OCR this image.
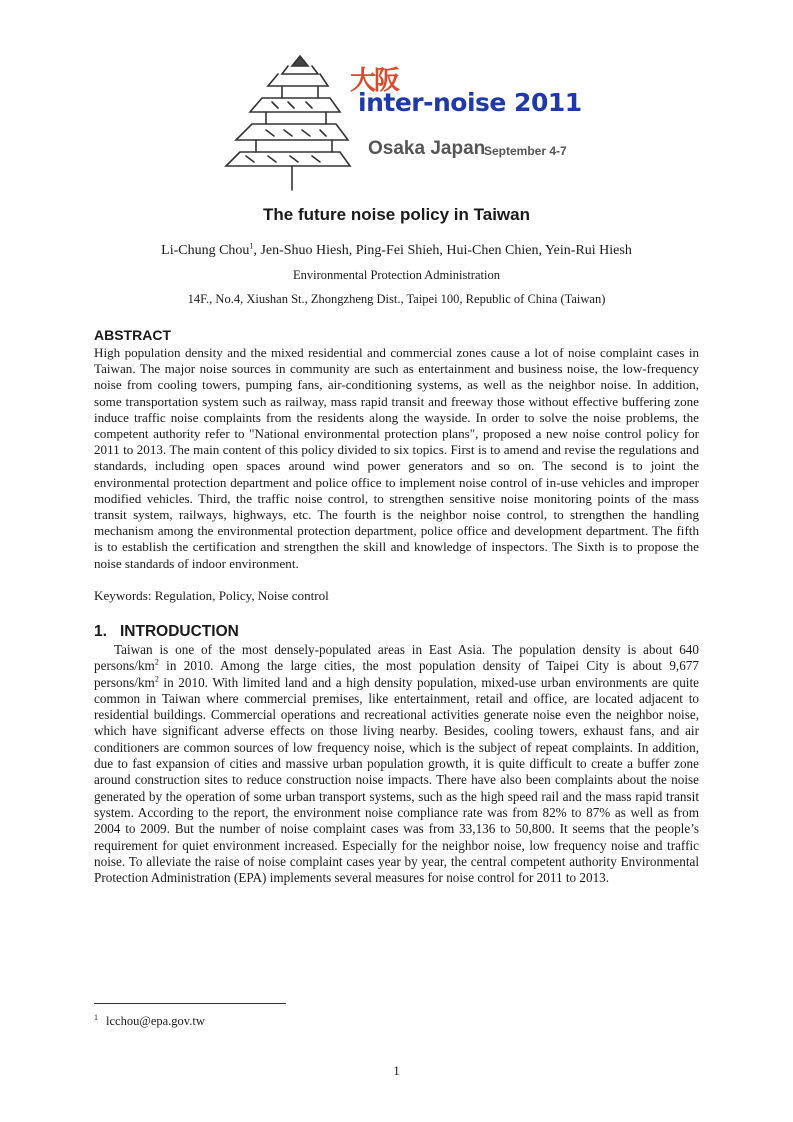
大阪
inter-noise 2011
Osaka Japan
September 4-7
The future noise policy in Taiwan
Li-Chung Chou$^1$, Jen-Shuo Hiesh, Ping-Fei Shieh, Hui-Chen Chien, Yein-Rui Hiesh
Environmental Protection Administration
14F., No.4, Xiushan St., Zhongzheng Dist., Taipei 100, Republic of China (Taiwan)
ABSTRACT

High population density and the mixed residential and commercial zones cause a lot of noise complaint cases in Taiwan. The major noise sources in community are such as entertainment and business noise, the low-frequency noise from cooling towers, pumping fans, air-conditioning systems, as well as the neighbor noise. In addition, some transportation system such as railway, mass rapid transit and freeway those without effective buffering zone induce traffic noise complaints from the residents along the wayside. In order to solve the noise problems, the competent authority refer to "National environmental protection plans", proposed a new noise control policy for 2011 to 2013. The main content of this policy divided to six topics. First is to amend and revise the regulations and standards, including open spaces around wind power generators and so on. The second is to joint the environmental protection department and police office to implement noise control of in-use vehicles and improper modified vehicles. Third, the traffic noise control, to strengthen sensitive noise monitoring points of the mass transit system, railways, highways, etc. The fourth is the neighbor noise control, to strengthen the handling mechanism among the environmental protection department, police office and development department. The fifth is to establish the certification and strengthen the skill and knowledge of inspectors. The Sixth is to propose the noise standards of indoor environment.

Keywords: Regulation, Policy, Noise control
1. INTRODUCTION

Taiwan is one of the most densely-populated areas in East Asia. The population density is about 640 persons/$km^2$ in 2010. Among the large cities, the most population density of Taipei City is about 9,677 persons/$km^2$ in 2010. With limited land and a high density population, mixed-use urban environments are quite common in Taiwan where commercial premises, like entertainment, retail and office, are located adjacent to residential buildings. Commercial operations and recreational activities generate noise even the neighbor noise, which have significant adverse effects on those living nearby. Besides, cooling towers, exhaust fans, and air conditioners are common sources of low frequency noise, which is the subject of repeat complaints. In addition, due to fast expansion of cities and massive urban population growth, it is quite difficult to create a buffer zone around construction sites to reduce construction noise impacts. There have also been complaints about the noise generated by the operation of some urban transport systems, such as the high speed rail and the mass rapid transit system. According to the report, the environment noise compliance rate was from 82% to 87% as well as from 2004 to 2009. But the number of noise complaint cases was from 33,136 to 50,800. It seems that the people’s requirement for quiet environment increased. Especially for the neighbor noise, low frequency noise and traffic noise. To alleviate the raise of noise complaint cases year by year, the central competent authority Environmental Protection Administration (EPA) implements several measures for noise control for 2011 to 2013.

$^1$ lcchou@epa.gov.tw
1
